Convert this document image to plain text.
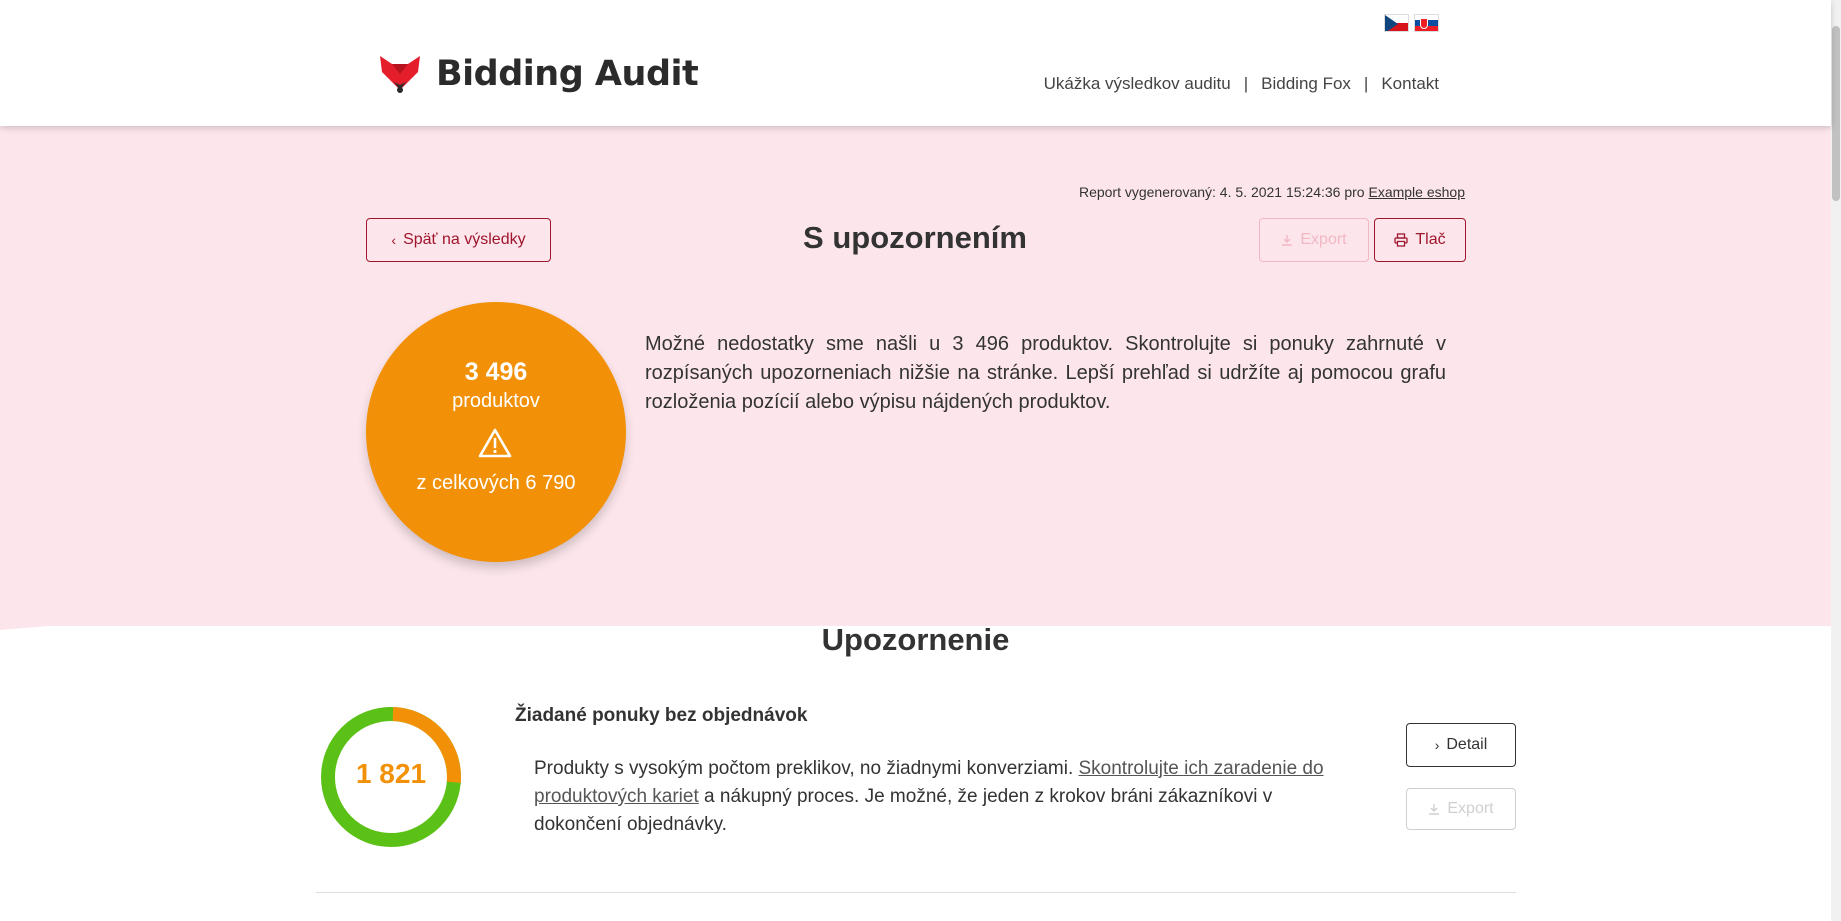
Bidding Audit	Ukážka výsledkov auditu | Bidding Fox | Kontakt
Report vygenerovaný: 4. 5. 2021 15:24:36 pro Example eshop
‹ Späť na výsledky	S upozornením	Export	Tlač
3 496
produktov
z celkových 6 790

Možné nedostatky sme našli u 3 496 produktov. Skontrolujte si ponuky zahrnuté v rozpísaných upozorneniach nižšie na stránke. Lepší prehľad si udržíte aj pomocou grafu rozloženia pozícií alebo výpisu nájdených produktov.

Upozornenie
1 821
Žiadané ponuky bez objednávok

Produkty s vysokým počtom preklikov, no žiadnymi konverziami. Skontrolujte ich zaradenie do produktových kariet a nákupný proces. Je možné, že jeden z krokov bráni zákazníkovi v dokončení objednávky.

› Detail
Export
